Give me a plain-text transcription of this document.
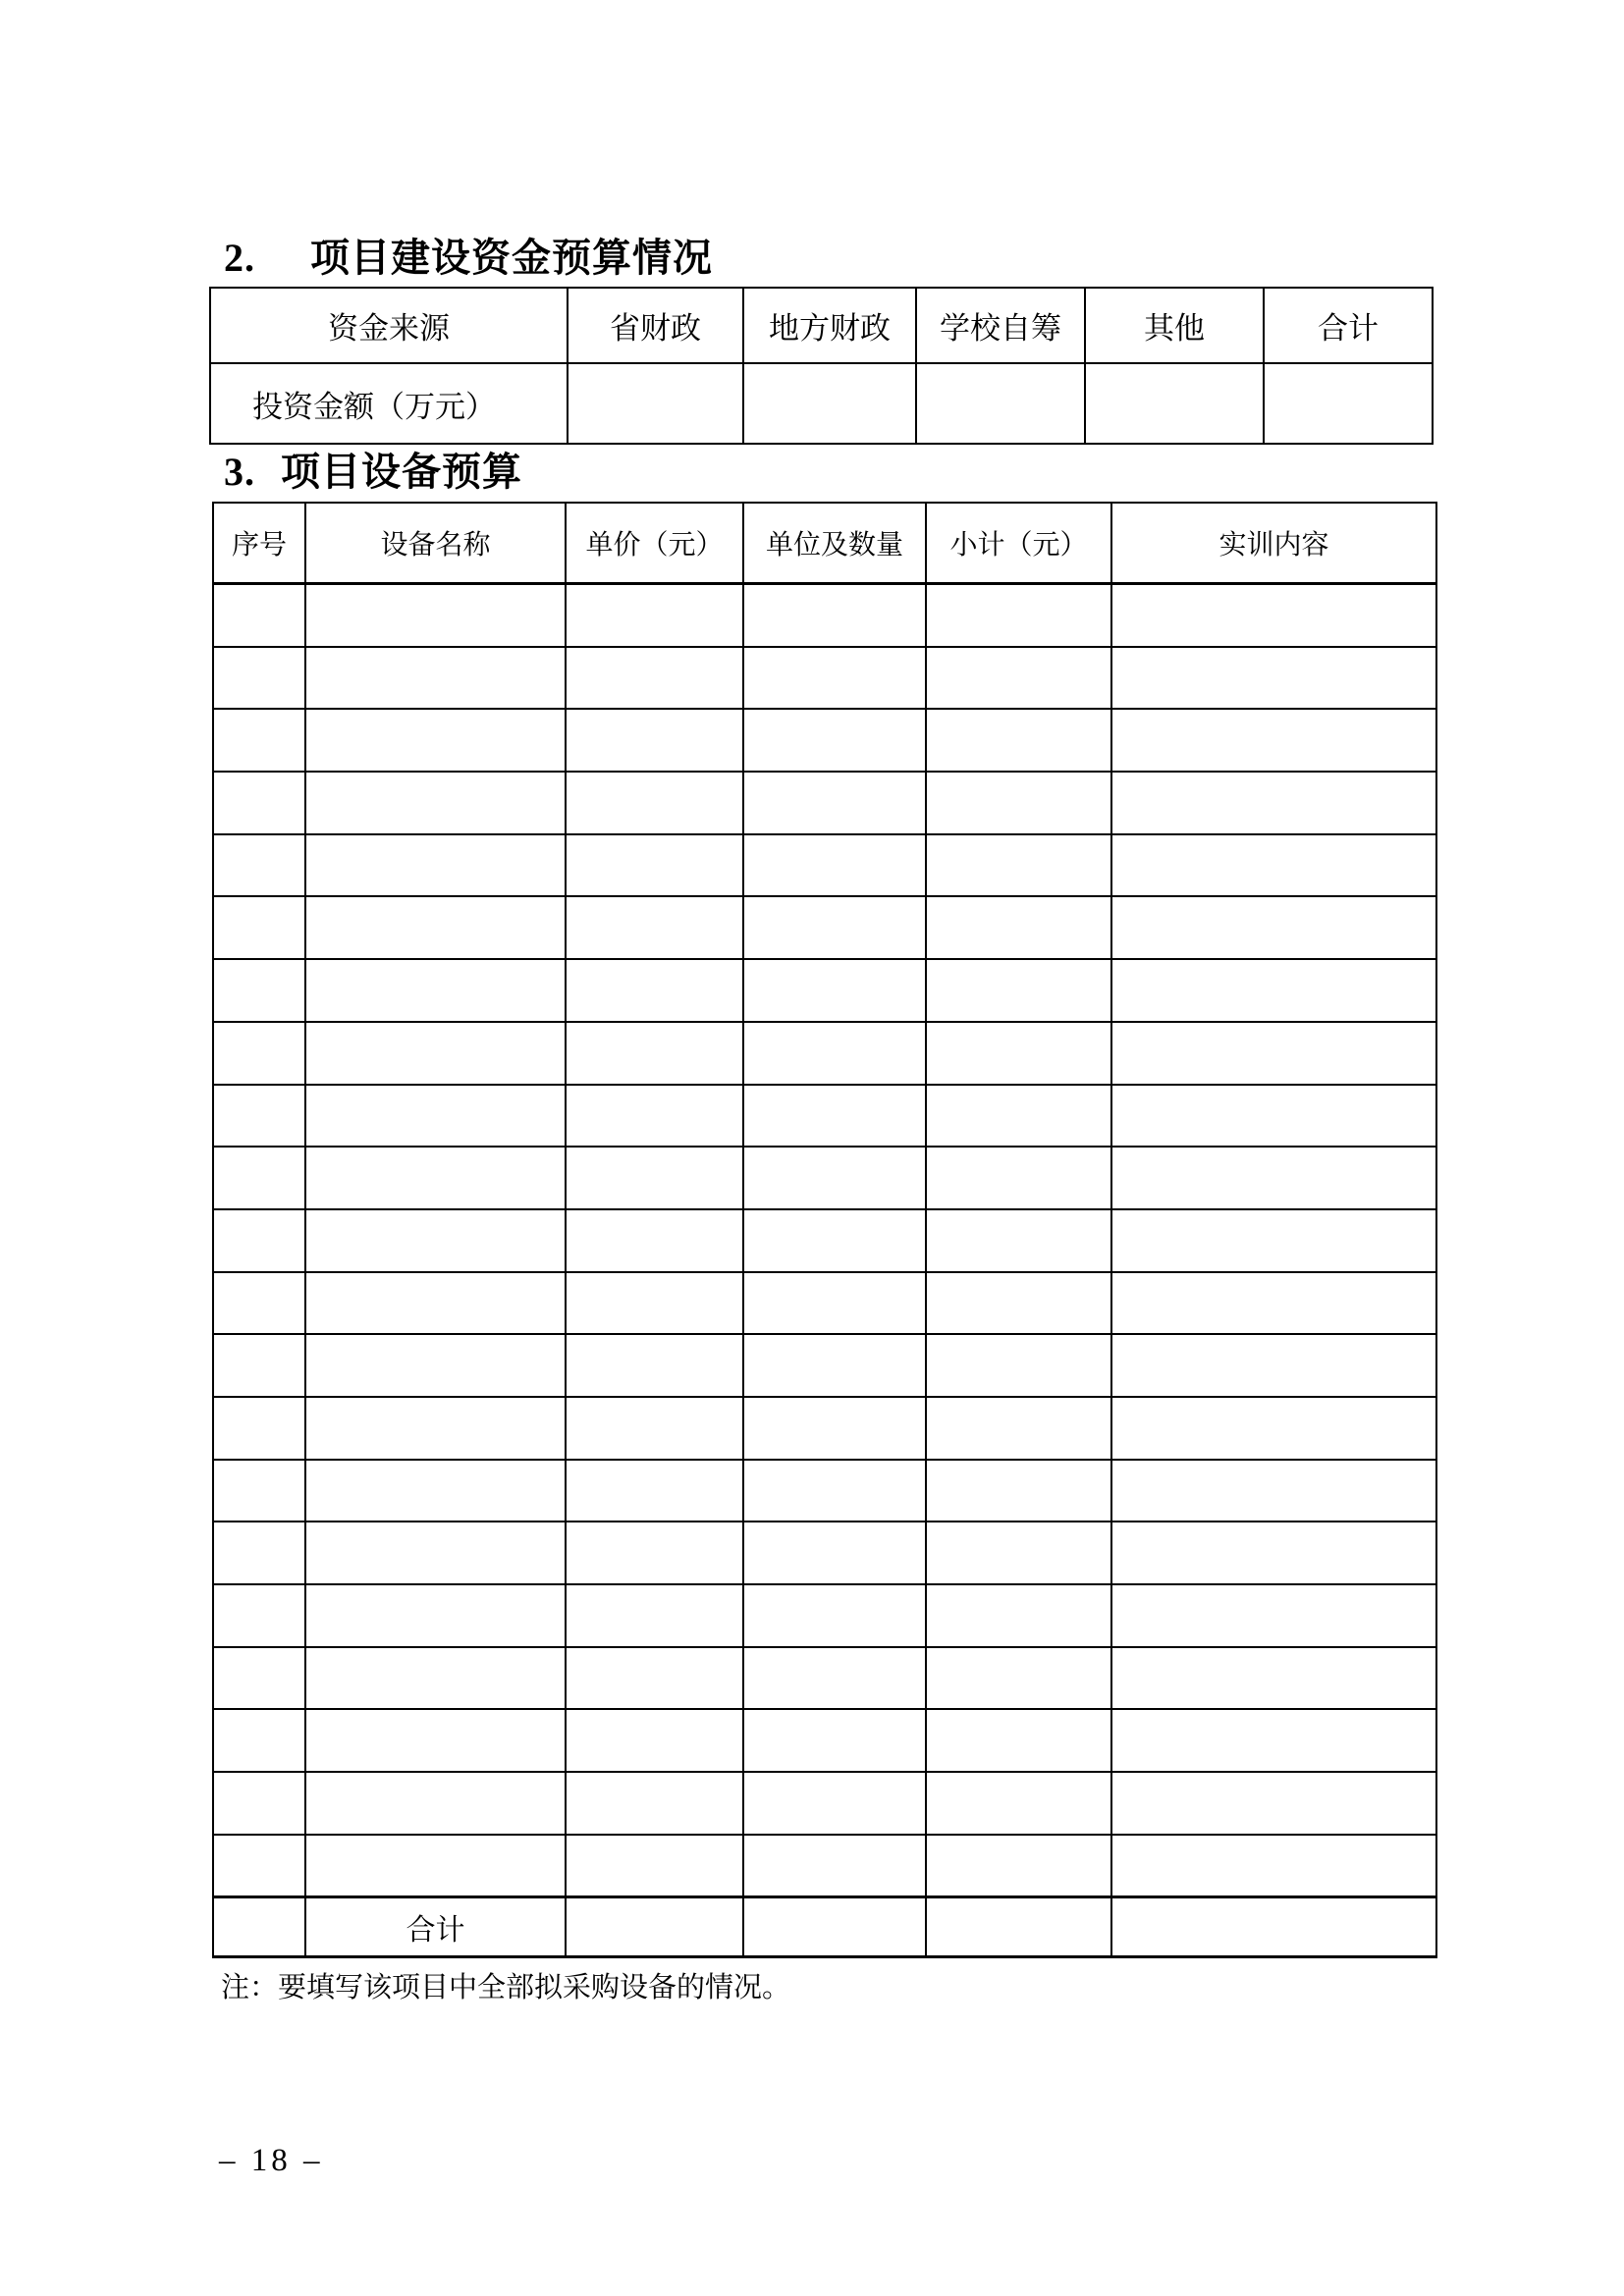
2. 项目建设资金预算情况
资金来源	省财政	地方财政	学校自筹	其他	合计
投资金额（万元）					
3. 项目设备预算
序号	设备名称	单价（元）	单位及数量	小计（元）	实训内容

	合计				
注：要填写该项目中全部拟采购设备的情况。
– 18 –
